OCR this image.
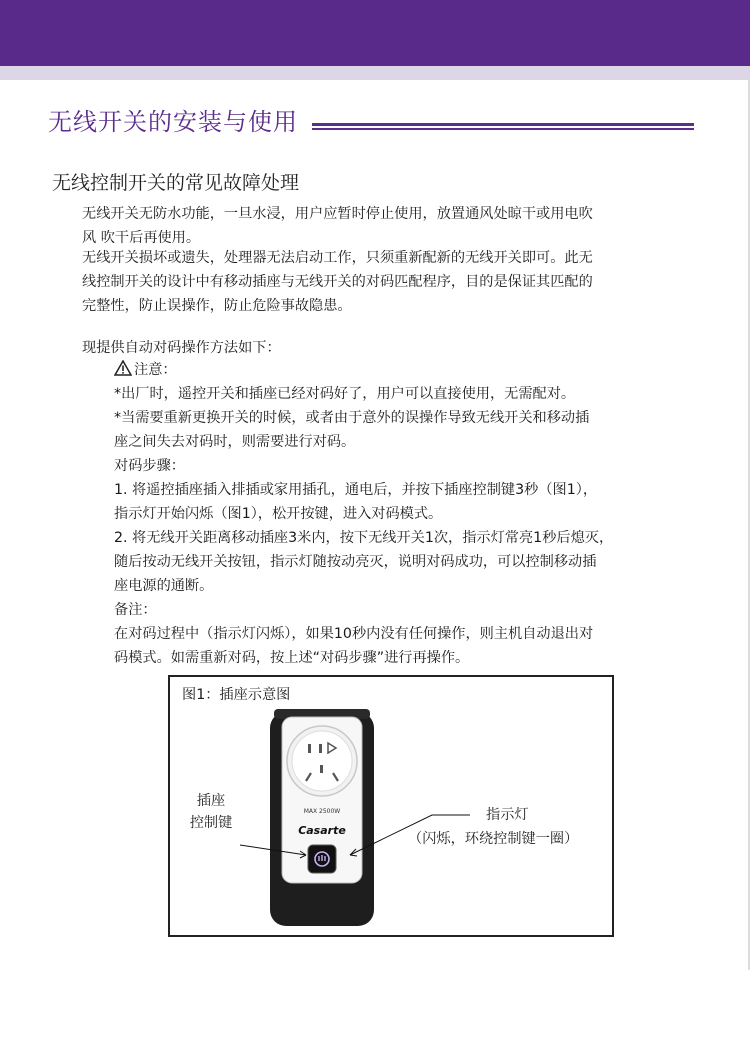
无线开关的安装与使用
无线控制开关的常见故障处理
无线开关无防水功能，一旦水浸，用户应暂时停止使用，放置通风处晾干或用电吹
风 吹干后再使用。
无线开关损坏或遗失，处理器无法启动工作，只须重新配新的无线开关即可。此无
线控制开关的设计中有移动插座与无线开关的对码匹配程序，目的是保证其匹配的
完整性，防止误操作，防止危险事故隐患。
现提供自动对码操作方法如下：
注意：
*出厂时，遥控开关和插座已经对码好了，用户可以直接使用，无需配对。
*当需要重新更换开关的时候，或者由于意外的误操作导致无线开关和移动插
座之间失去对码时，则需要进行对码。
对码步骤：
1. 将遥控插座插入排插或家用插孔，通电后，并按下插座控制键3秒（图1），
指示灯开始闪烁（图1），松开按键，进入对码模式。
2. 将无线开关距离移动插座3米内，按下无线开关1次，指示灯常亮1秒后熄灭，
随后按动无线开关按钮，指示灯随按动亮灭，说明对码成功，可以控制移动插
座电源的通断。
备注：
在对码过程中（指示灯闪烁），如果10秒内没有任何操作，则主机自动退出对
码模式。如需重新对码，按上述“对码步骤”进行再操作。
图1：插座示意图
MAX 2500W
Casarte
插座
控制键	指示灯
（闪烁，环绕控制键一圈）
